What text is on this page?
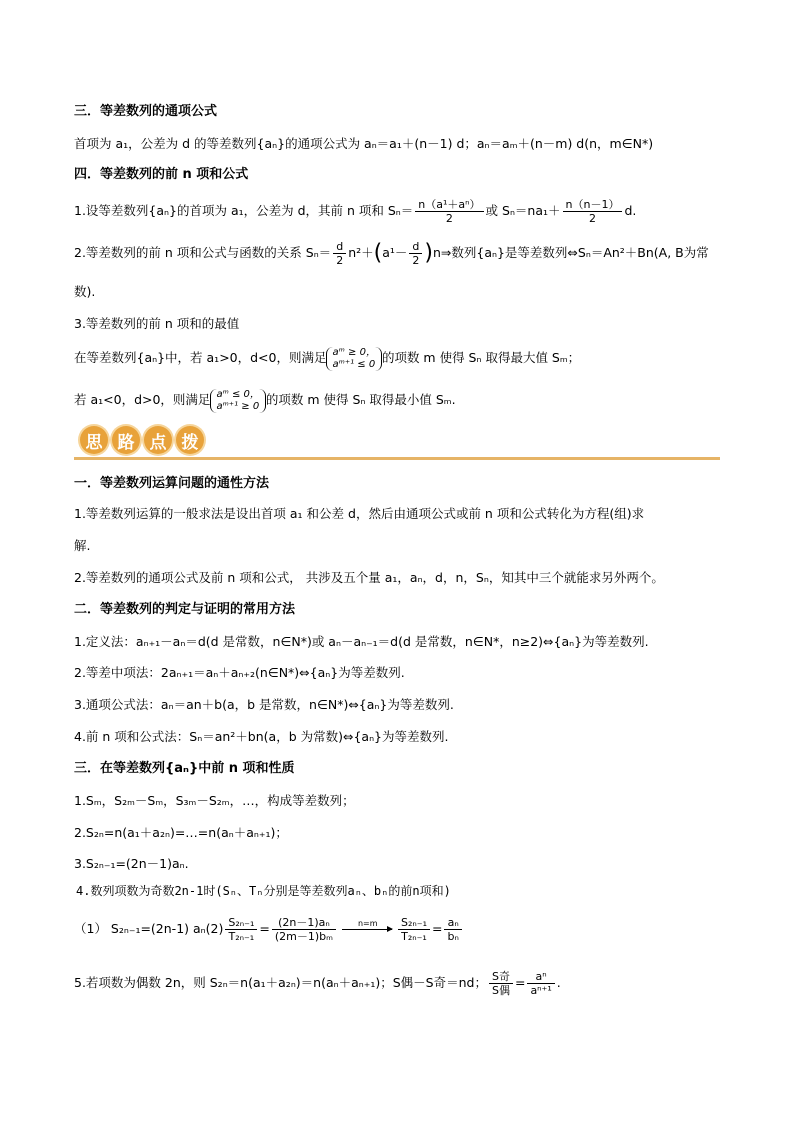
三．等差数列的通项公式
首项为 a₁，公差为 d 的等差数列{aₙ}的通项公式为 aₙ＝a₁＋(n－1) d；aₙ＝aₘ＋(n－m) d(n，m∈N*)
四．等差数列的前 n 项和公式
1.设等差数列{aₙ}的首项为 a₁，公差为 d，其前 n 项和 $S_n= \frac{\text{n（a¹＋aⁿ）}}{2}$ 或 $S_n=na_1+ \frac{n(n-1)}{2} d$.
2.等差数列的前 n 项和公式与函数的关系 $S_n= \frac{d}{2} n^2+(a^1- \frac{d}{2}$ )n⇒数列{aₙ}是等差数列⇔Sₙ＝An²＋Bn(A, B为常
数).
3.等差数列的前 n 项和的最值
在等差数列{aₙ}中，若 a₁>0，d<0，则满足 aᵐ ≥ 0，
aᵐ⁺¹ ≤ 0 的项数 m 使得 Sₙ 取得最大值 Sₘ；
若 a₁<0，d>0，则满足 aᵐ ≤ 0，
aᵐ⁺¹ ≥ 0 的项数 m 使得 Sₙ 取得最小值 Sₘ.
思 路 点 拨
一．等差数列运算问题的通性方法
1.等差数列运算的一般求法是设出首项 a₁ 和公差 d，然后由通项公式或前 n 项和公式转化为方程(组)求
解.
2.等差数列的通项公式及前 n 项和公式， 共涉及五个量 a₁，aₙ，d，n，Sₙ，知其中三个就能求另外两个。
二．等差数列的判定与证明的常用方法
1.定义法：aₙ₊₁－aₙ＝d(d 是常数，n∈N*)或 aₙ－aₙ₋₁＝d(d 是常数，n∈N*，n≥2)⇔{aₙ}为等差数列.
2.等差中项法：2aₙ₊₁＝aₙ＋aₙ₊₂(n∈N*)⇔{aₙ}为等差数列.
3.通项公式法：aₙ＝an＋b(a，b 是常数，n∈N*)⇔{aₙ}为等差数列.
4.前 n 项和公式法：Sₙ＝an²＋bn(a，b 为常数)⇔{aₙ}为等差数列.
三．在等差数列{aₙ}中前 n 项和性质
1.Sₘ，S₂ₘ－Sₘ，S₃ₘ－S₂ₘ，…，构成等差数列；
2.S₂ₙ=n(a₁＋a₂ₙ)=…=n(aₙ＋aₙ₊₁)；
3.S₂ₙ₋₁=(2n－1)aₙ.
4.数列项数为奇数2n-1时(Sₙ、Tₙ分别是等差数列aₙ、bₙ的前n项和)
（1） S₂ₙ₋₁=(2n-1) $a_n(2) \frac{\text{S₂ₙ₋₁}}{\text{T₂ₙ₋₁}} = \frac{\text{(2n－1)aₙ}}{\text{(2m－1)bₘ}}$	$n=m \frac{\text{S₂ₙ₋₁}}{\text{T₂ₙ₋₁}} = \frac{\text{aₙ}}{\text{bₙ}}$
5.若项数为偶数 2n，则 S₂ₙ＝n(a₁＋a₂ₙ)＝n(aₙ＋aₙ₊₁)；S偶－S奇＝nd； S奇
S偶
= $\frac{\text{aⁿ}}{\text{aⁿ⁺¹}}$ .
